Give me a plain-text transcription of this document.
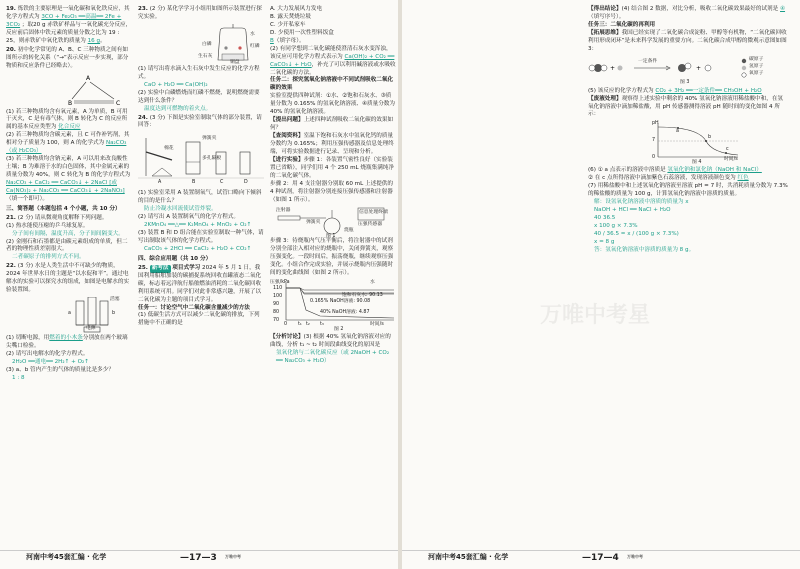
19. 炼铁的主要原理是一氧化碳和氧化铁反应，其化学方程式为 3CO + Fe₂O₃ ══高温══ 2Fe + 3CO₂ ；取20 g 赤铁矿样品与一氧化碳充分反应，反应前后固体中铁元素的质量分数之比为 19 : 25，则赤铁矿中氧化铁的质量为 16 g。
20. 初中化学常见的 A、B、C 三种物质之间有如图所示的转化关系（“→”表示反应一步实现，部分物质和反应条件已经略去）。
A
B	C
(1) 若三种物质均含有氧元素，A 为单质，B 可用于灭火，C 是有毒气体，则 B 转化为 C 的反应所属的基本反应类型为 化合反应
(2) 若三种物质均含碳元素，且 C 可作补钙剂，其相对分子质量为 100，则 A 的化学式为 Na₂CO₃（或 H₂CO₃）
(3) 若三种物质均含钠元素，A 可以用来改良酸性土壤；B 为难溶于水的白色固体，其中金属元素的质量分数为 40%，则 C 转化为 B 的化学方程式为 Na₂CO₃ + CaCl₂ ══ CaCO₃↓ + 2NaCl [或 Ca(NO₃)₂ + Na₂CO₃ ══ CaCO₃↓ + 2NaNO₃]（填一个即可）。
三、简答题（本题包括 4 个小题，共 10 分）
21. (2 分) 请从微观角度解释下列问题。
(1) 热水能使压瘪的乒乓球复原。
分子间有间隔，温度升高，分子间间隔变大。
(2) 金刚石和石墨都是由碳元素组成的单质，但二者的物理性质差别很大。
二者碳原子的排列方式不同。
22. (3 分) 水是人类生活中不可缺少的物质，2024 年世界水日的主题是“以水促和平”。通过电解水的实验可以探究水的组成，如图是电解水的实验装置图。
活塞
a	b
电源
(1) 切断电源，用燃着的小木条分别放在两个玻璃尖嘴口检验。
(2) 请写出电解水的化学方程式。
2H₂O ══通电══ 2H₂↑ + O₂↑
(3) a、b 管内产生的气体的质量比是多少？
1 : 8
23. (2 分) 某化学学习小组用如图所示装置进行探究实验。
白磷
生石灰
水
红磷
铜盘
(1) 请写出将水滴入生石灰中发生反应的化学方程式。
CaO + H₂O ══ Ca(OH)₂
(2) 实验中白磷燃烧而红磷不燃烧，说明燃烧需要达到什么条件？
温度达到可燃物的着火点。
24. (3 分) 下图是实验室制取气体的部分装置，请回答：
棉花
弹簧夹
多孔隔板
A	B	C	D
(1) 实验室采用 A 装置制氧气，试管口略向下倾斜的目的是什么？
防止冷凝水回流使试管炸裂。
(2) 请写出 A 装置制氧气的化学方程式。
2KMnO₄ ══△══ K₂MnO₄ + MnO₂ + O₂↑
(3) 装置 B 和 D 组合能在实验室制取一种气体，请写出制取该气体的化学方程式。
CaCO₃ + 2HCl ══ CaCl₂ + H₂O + CO₂↑
四、综合应用题（共 10 分）
25. 新考法 项目式学习 2024 年 5 月 1 日，我国利用船舶加装的碳捕捉系统回收直罐液态二氧化碳，标志着远洋航行船舶燃油消耗的二氧化碳回收利用系统可用。同学们对此非常感兴趣，开展了以二氧化碳为主题的项目式学习。
任务一：讨论空气中二氧化碳含量减少的方法
(1) 低碳生活方式可以减少二氧化碳的排放，下列措施中不正确的是
A. 大力发展风力发电
B. 露天焚烧垃圾
C. 少开私家车
D. 少使用一次性塑料饭盒
B（填字母）。
(2) 有同学想到二氧化碳能使澄清石灰水变浑浊，该反应可用化学方程式表示为 Ca(OH)₂ + CO₂ ══ CaCO₃↓ + H₂O，补充了可以利用碱溶液或水吸收二氧化碳的方法。
任务二：探究氢氧化钠溶液中不同试剂吸收二氧化碳的效果
实验室提供四种试剂：①水、②饱和石灰水、③质量分数为 0.165% 的氢氧化钠溶液、④质量分数为 40% 的氢氧化钠溶液。
【提出问题】上述四种试剂吸收二氧化碳的效果如何？
【查阅资料】室温下饱和石灰水中氢氧化钙的质量分数约为 0.165%；利用压强传感器及信息处理终端，可将实验数据进行记录、呈现和分析。
【进行实验】步骤 1：各装置气密性良好（实验装置已省略），同学们用 4 个 250 mL 烧瓶集满纯净的二氧化碳气体。
步骤 2：用 4 支注射器分别取 60 mL 上述提供的 4 种试剂，将注射器分别连接压强传感器和注射器（如图 1 所示）。
注射器	信息处理终端
弹簧夹	压强传感器
烧瓶
图 1
步骤 3：待烧瓶内气压平衡后，将注射器中的试剂分别全部注入相对应的烧瓶中，关闭弹簧夹，观察压强变化。一段时间后，振荡烧瓶，继续观察压强变化。小组合作完成实验，并展示烧瓶内压强随时间的变化曲线图（如图 2 所示）。
压强/kPa	水
饱和石灰水: 90.13
0.165% NaOH溶液: 90.08
40% NaOH溶液: 4.87
110
100
90
80
70
0 t₁ t₂ t₃	时间/s
图 2
【分析讨论】(3) 根据 40% 氢氧化钠溶液对应的曲线，分析 t₁ ~ t₂ 时间段曲线变化的原因是
氢氧化钠与二氧化碳反应（或 2NaOH + CO₂ ══ Na₂CO₃ + H₂O）
河南中考45套汇编 · 化学	—17—3 万唯中考
【得出结论】(4) 结合图 2 数据，对比分析，吸收二氧化碳效果最好的试剂是 ④（填写序号）。
任务三：二氧化碳的再利用
【拓展思维】我国已经实现了二氧化碳合成淀粉、甲醇等有机物，“二氧化碳回收利用形成闭环”是未来科学发展的重要方向。二氧化碳合成甲醇的微观示意图如图 3：
+	+
一定条件	碳原子
氢原子
氧原子
图 3
(5) 该反应的化学方程式为 CO₂ + 3H₂ ══一定条件══ CH₃OH + H₂O
【废液处理】观察得上述实验中剩余的 40% 氢氧化钠溶液用稀盐酸中和，在氢氧化钠溶液中滴加稀盐酸，用 pH 传感器测得溶液 pH 随时间的变化如图 4 所示：
pH
a
b
c
7
0	时间/s
图 4
(6) ① a 点表示的溶液中溶质是 氢氧化钠和氯化钠（NaOH 和 NaCl）
② 在 c 点所得溶液中滴加紫色石蕊溶液，发现溶液颜色变为 红色
(7) 用稀盐酸中和上述氢氧化钠溶液至溶液 pH = 7 时，共消耗质量分数为 7.3% 的稀盐酸的质量为 100 g，计算氢氧化钠溶液中溶质的质量。
解：设氢氧化钠溶液中溶质的质量为 x
NaOH + HCl ══ NaCl + H₂O
40 36.5
x 100 g × 7.3%
40 / 36.5 = x / (100 g × 7.3%)
x = 8 g
答：氢氧化钠溶液中溶质的质量为 8 g。
河南中考45套汇编 · 化学	—17—4 万唯中考
万唯中考星
